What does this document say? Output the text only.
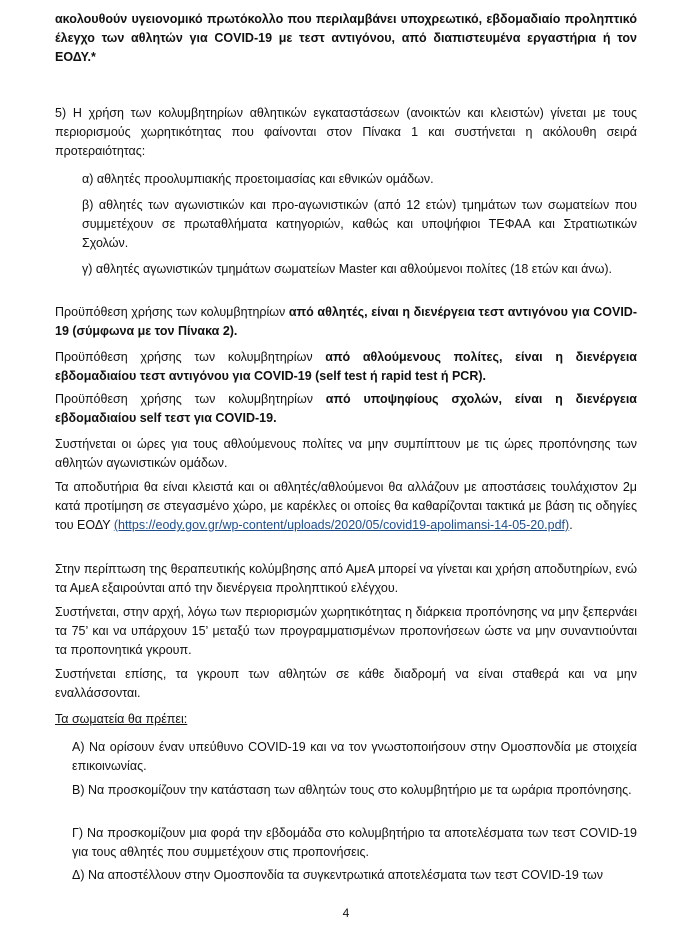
ακολουθούν υγειονομικό πρωτόκολλο που περιλαμβάνει υποχρεωτικό, εβδομαδιαίο προληπτικό έλεγχο των αθλητών για COVID-19 με τεστ αντιγόνου, από διαπιστευμένα εργαστήρια ή τον ΕΟΔΥ.*

5) Η χρήση των κολυμβητηρίων αθλητικών εγκαταστάσεων (ανοικτών και κλειστών) γίνεται με τους περιορισμούς χωρητικότητας που φαίνονται στον Πίνακα 1 και συστήνεται η ακόλουθη σειρά προτεραιότητας:

α) αθλητές προολυμπιακής προετοιμασίας και εθνικών ομάδων.

β) αθλητές των αγωνιστικών και προ-αγωνιστικών (από 12 ετών) τμημάτων των σωματείων που συμμετέχουν σε πρωταθλήματα κατηγοριών, καθώς και υποψήφιοι ΤΕΦΑΑ και Στρατιωτικών Σχολών.

γ) αθλητές αγωνιστικών τμημάτων σωματείων Master και αθλούμενοι πολίτες (18 ετών και άνω).

Προϋπόθεση χρήσης των κολυμβητηρίων από αθλητές, είναι η διενέργεια τεστ αντιγόνου για COVID-19 (σύμφωνα με τον Πίνακα 2).

Προϋπόθεση χρήσης των κολυμβητηρίων από αθλούμενους πολίτες, είναι η διενέργεια εβδομαδιαίου τεστ αντιγόνου για COVID-19 (self test ή rapid test ή PCR).

Προϋπόθεση χρήσης των κολυμβητηρίων από υποψηφίους σχολών, είναι η διενέργεια εβδομαδιαίου self τεστ για COVID-19.

Συστήνεται οι ώρες για τους αθλούμενους πολίτες να μην συμπίπτουν με τις ώρες προπόνησης των αθλητών αγωνιστικών ομάδων.

Τα αποδυτήρια θα είναι κλειστά και οι αθλητές/αθλούμενοι θα αλλάζουν με αποστάσεις τουλάχιστον 2μ κατά προτίμηση σε στεγασμένο χώρο, με καρέκλες οι οποίες θα καθαρίζονται τακτικά με βάση τις οδηγίες του ΕΟΔΥ (https://eody.gov.gr/wp-content/uploads/2020/05/covid19-apolimansi-14-05-20.pdf).

Στην περίπτωση της θεραπευτικής κολύμβησης από ΑμεΑ μπορεί να γίνεται και χρήση αποδυτηρίων, ενώ τα ΑμεΑ εξαιρούνται από την διενέργεια προληπτικού ελέγχου.

Συστήνεται, στην αρχή, λόγω των περιορισμών χωρητικότητας η διάρκεια προπόνησης να μην ξεπερνάει τα 75’ και να υπάρχουν 15’ μεταξύ των προγραμματισμένων προπονήσεων ώστε να μην συναντιούνται τα προπονητικά γκρουπ.

Συστήνεται επίσης, τα γκρουπ των αθλητών σε κάθε διαδρομή να είναι σταθερά και να μην εναλλάσσονται.

Τα σωματεία θα πρέπει:

Α) Να ορίσουν έναν υπεύθυνο COVID-19 και να τον γνωστοποιήσουν στην Ομοσπονδία με στοιχεία επικοινωνίας.

Β) Να προσκομίζουν την κατάσταση των αθλητών τους στο κολυμβητήριο με τα ωράρια προπόνησης.

Γ) Να προσκομίζουν μια φορά την εβδομάδα στο κολυμβητήριο τα αποτελέσματα των τεστ COVID-19 για τους αθλητές που συμμετέχουν στις προπονήσεις.

Δ) Να αποστέλλουν στην Ομοσπονδία τα συγκεντρωτικά αποτελέσματα των τεστ COVID-19 των

4
